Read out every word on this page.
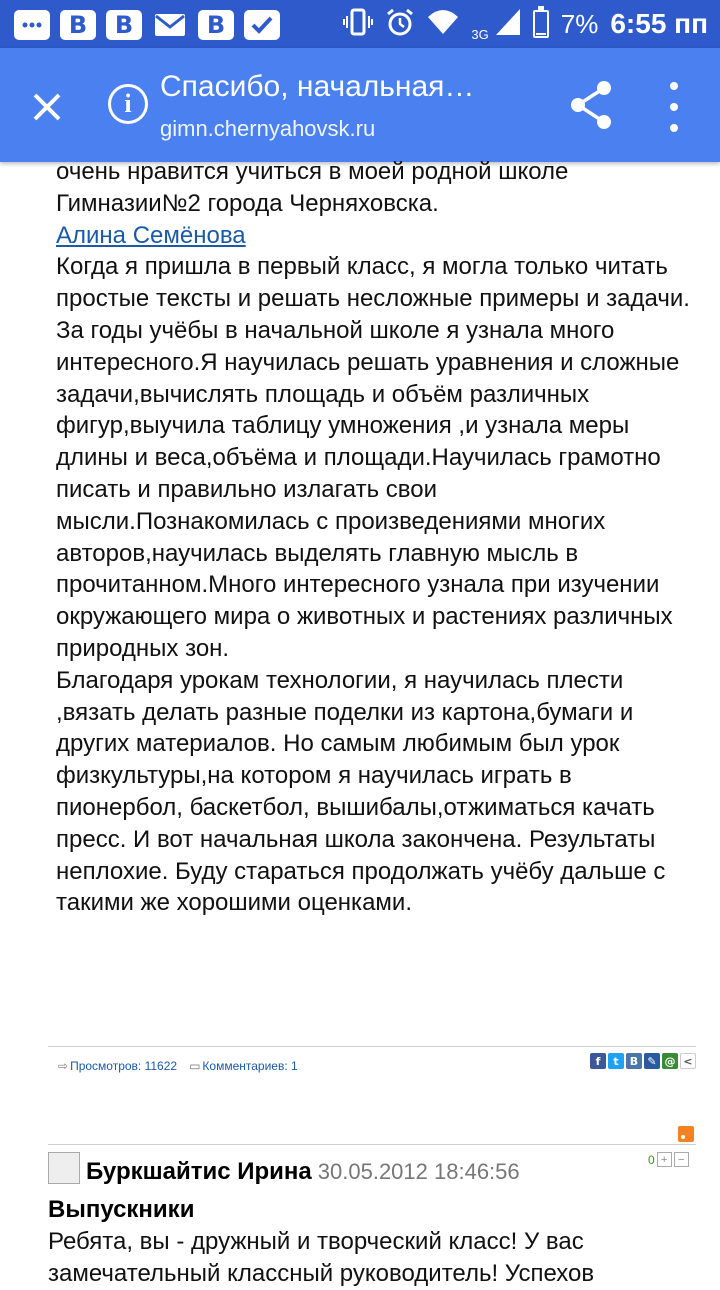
В	В	В	3G	7% 6:55 пп
i
Спасибо, начальная…
gimn.chernyahovsk.ru

очень нравится учиться в моей родной школе
Гимназии№2 города Черняховска.

Алина Семёнова

Когда я пришла в первый класс, я могла только читать простые тексты и решать несложные примеры и задачи.

За годы учёбы в начальной школе я узнала много интересного.Я научилась решать уравнения и сложные задачи,вычислять площадь и объём различных фигур,выучила таблицу умножения ,и узнала меры длины и веса,объёма и площади.Научилась грамотно писать и правильно излагать свои мысли.Познакомилась с произведениями многих авторов,научилась выделять главную мысль в прочитанном.Много интересного узнала при изучении окружающего мира о животных и растениях различных природных зон.

Благодаря урокам технологии, я научилась плести ,вязать делать разные поделки из картона,бумаги и других материалов. Но самым любимым был урок физкультуры,на котором я научилась играть в пионербол, баскетбол, вышибалы,отжиматься качать пресс. И вот начальная школа закончена. Результаты неплохие. Буду стараться продолжать учёбу дальше с такими же хорошими оценками.

⇨ Просмотров: 11622 ▭ Комментариев: 1	f	t	В ✎ @ <
Буркшайтис Ирина 30.05.2012 18:46:56	0 + −
Выпускники
Ребята, вы - дружный и творческий класс! У вас замечательный классный руководитель! Успехов
